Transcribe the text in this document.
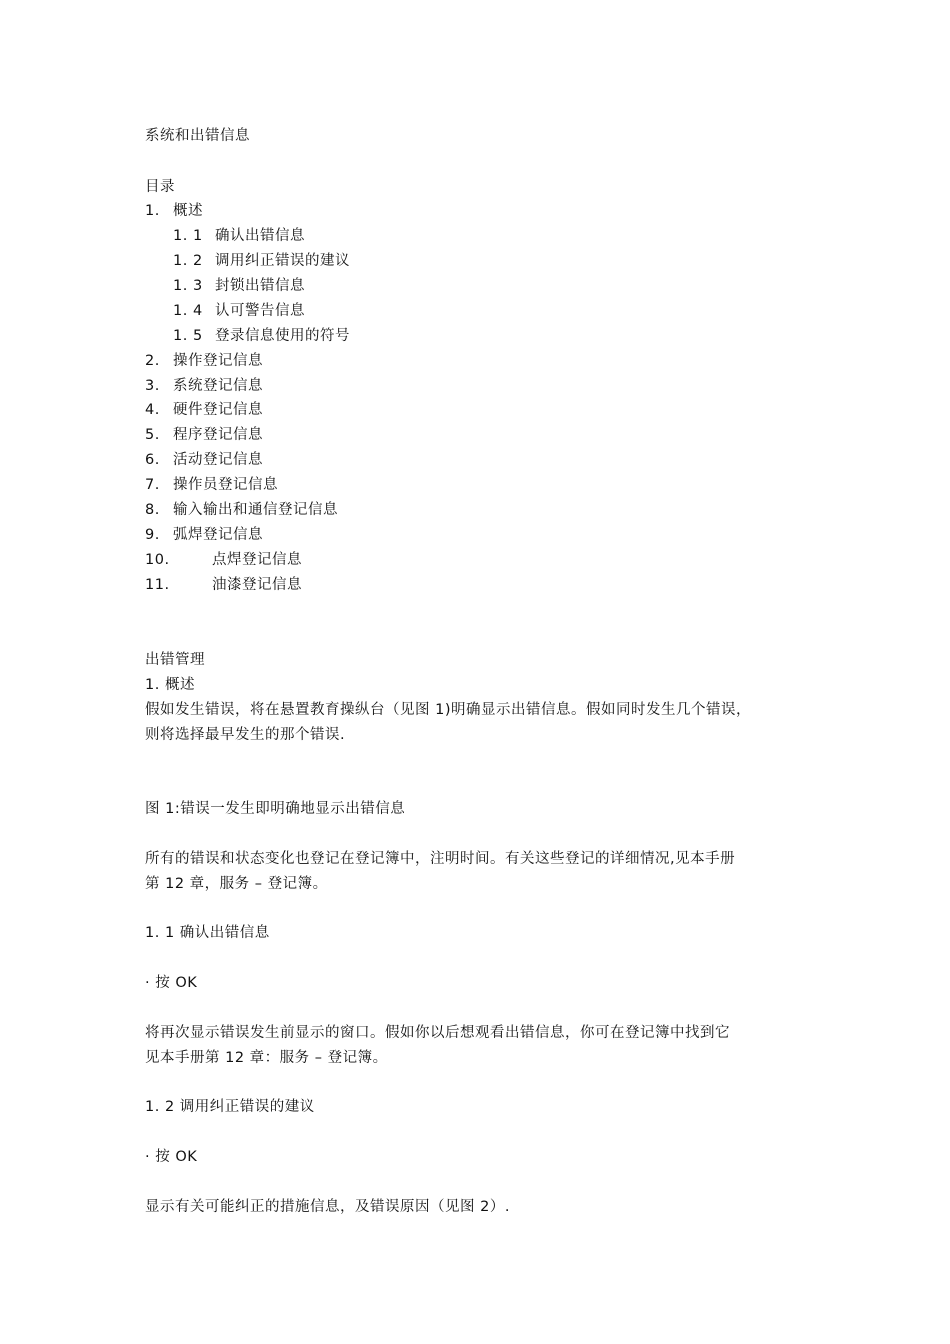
系统和出错信息
目录
1. 概述
1. 1 确认出错信息
1. 2 调用纠正错误的建议
1. 3 封锁出错信息
1. 4 认可警告信息
1. 5 登录信息使用的符号
2. 操作登记信息
3. 系统登记信息
4. 硬件登记信息
5. 程序登记信息
6. 活动登记信息
7. 操作员登记信息
8. 输入输出和通信登记信息
9. 弧焊登记信息
10.	点焊登记信息
11.	油漆登记信息
出错管理
1. 概述
假如发生错误，将在悬置教育操纵台（见图 1)明确显示出错信息。假如同时发生几个错误，
则将选择最早发生的那个错误.
图 1:错误一发生即明确地显示出错信息
所有的错误和状态变化也登记在登记簿中，注明时间。有关这些登记的详细情况,见本手册
第 12 章，服务 – 登记簿。
1. 1 确认出错信息
· 按 OK
将再次显示错误发生前显示的窗口。假如你以后想观看出错信息，你可在登记簿中找到它
见本手册第 12 章：服务 – 登记簿。
1. 2 调用纠正错误的建议
· 按 OK
显示有关可能纠正的措施信息，及错误原因（见图 2）.
